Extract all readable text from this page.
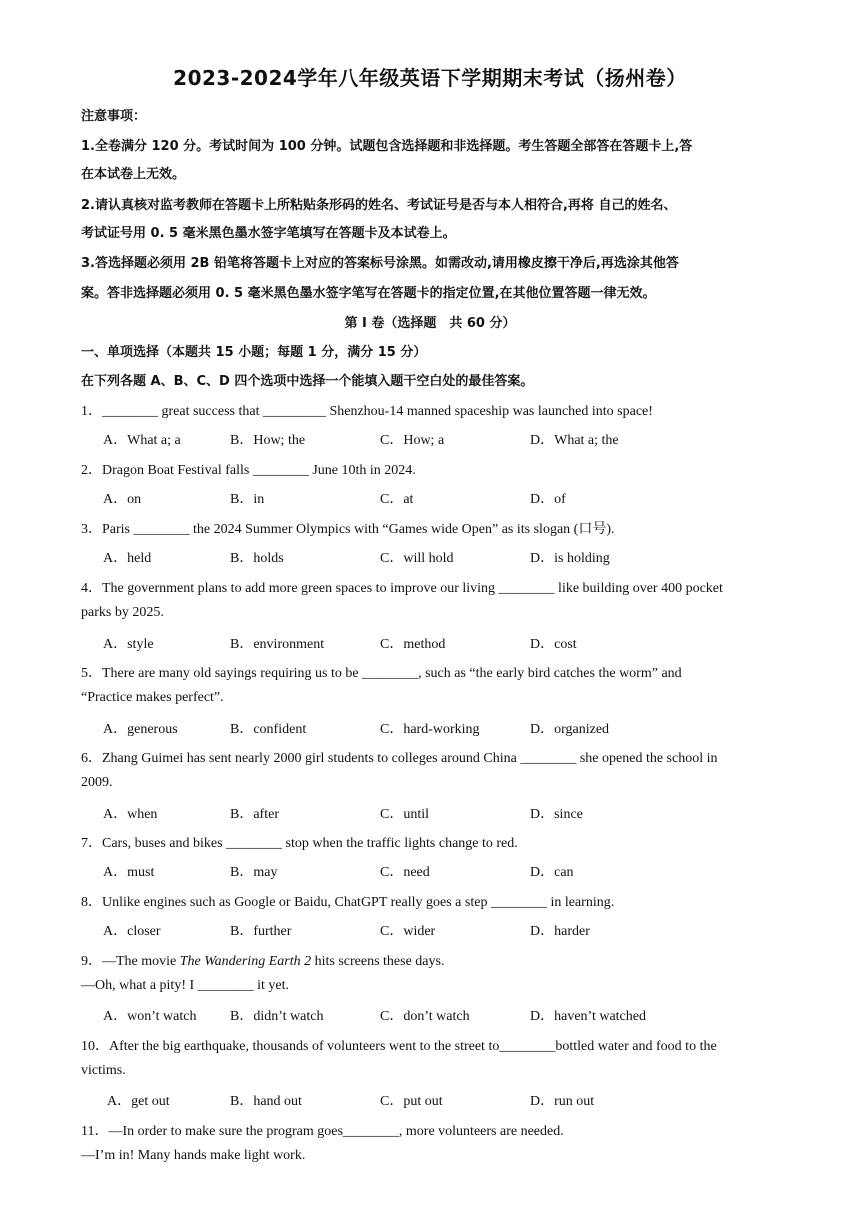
2023-2024学年八年级英语下学期期末考试（扬州卷）
注意事项：
1.全卷满分 120 分。考试时间为 100 分钟。试题包含选择题和非选择题。考生答题全部答在答题卡上,答
在本试卷上无效。
2.请认真核对监考教师在答题卡上所粘贴条形码的姓名、考试证号是否与本人相符合,再将 自己的姓名、
考试证号用 0. 5 毫米黑色墨水签字笔填写在答题卡及本试卷上。
3.答选择题必须用 2B 铅笔将答题卡上对应的答案标号涂黑。如需改动,请用橡皮擦干净后,再选涂其他答
案。答非选择题必须用 0. 5 毫米黑色墨水签字笔写在答题卡的指定位置,在其他位置答题一律无效。
第 I 卷（选择题　共 60 分）
一、单项选择（本题共 15 小题；每题 1 分，满分 15 分）
在下列各题 A、B、C、D 四个选项中选择一个能填入题干空白处的最佳答案。
1．________ great success that _________ Shenzhou-14 manned spaceship was launched into space!
A．What a; a	B．How; the	C．How; a	D．What a; the
2．Dragon Boat Festival falls ________ June 10th in 2024.
A．on	B．in	C．at	D．of
3．Paris ________ the 2024 Summer Olympics with “Games wide Open” as its slogan (口号).
A．held	B．holds	C．will hold	D．is holding
4．The government plans to add more green spaces to improve our living ________ like building over 400 pocket
parks by 2025.
A．style	B．environment	C．method	D．cost
5．There are many old sayings requiring us to be ________, such as “the early bird catches the worm” and
“Practice makes perfect”.
A．generous	B．confident	C．hard-working	D．organized
6．Zhang Guimei has sent nearly 2000 girl students to colleges around China ________ she opened the school in
2009.
A．when	B．after	C．until	D．since
7．Cars, buses and bikes ________ stop when the traffic lights change to red.
A．must	B．may	C．need	D．can
8．Unlike engines such as Google or Baidu, ChatGPT really goes a step ________ in learning.
A．closer	B．further	C．wider	D．harder
9．—The movie The Wandering Earth 2 hits screens these days.
—Oh, what a pity! I ________ it yet.
A．won’t watch B．didn’t watch	C．don’t watch	D．haven’t watched
10．After the big earthquake, thousands of volunteers went to the street to________bottled water and food to the
victims.
A．get out	B．hand out	C．put out	D．run out
11．—In order to make sure the program goes________, more volunteers are needed.
—I’m in! Many hands make light work.
